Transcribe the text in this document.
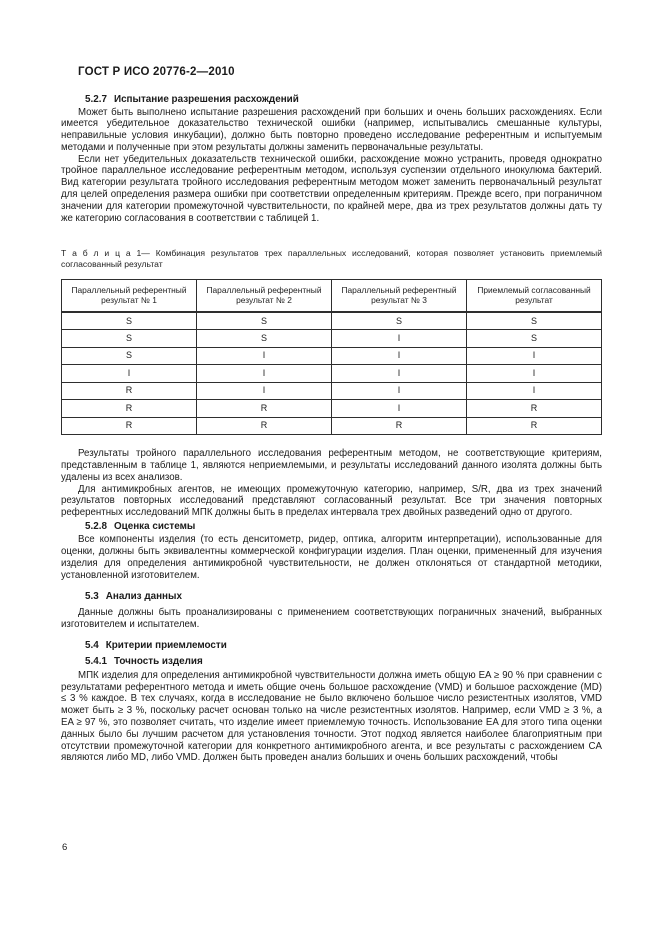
ГОСТ Р ИСО 20776-2—2010

5.2.7 Испытание разрешения расхождений

Может быть выполнено испытание разрешения расхождений при больших и очень больших расхождениях. Если имеется убедительное доказательство технической ошибки (например, испытывались смешанные культуры, неправильные условия инкубации), должно быть повторно проведено исследование референтным и испытуемым методами и полученные при этом результаты должны заменить первоначальные результаты.

Если нет убедительных доказательств технической ошибки, расхождение можно устранить, проведя однократно тройное параллельное исследование референтным методом, используя суспензии отдельного инокулюма бактерий. Вид категории результата тройного исследования референтным методом может заменить первоначальный результат для целей определения размера ошибки при соответствии определенным критериям. Прежде всего, при пограничном значении для категории промежуточной чувствительности, по крайней мере, два из трех результатов должны дать ту же категорию согласования в соответствии с таблицей 1.

Т а б л и ц а 1— Комбинация результатов трех параллельных исследований, которая позволяет установить приемлемый согласованный результат

Параллельный референтный результат № 1	Параллельный референтный результат № 2	Параллельный референтный результат № 3	Приемлемый согласованный результат
S	S	S	S
S	S	I	S
S	I	I	I
I	I	I	I
R	I	I	I
R	R	I	R
R	R	R	R

Результаты тройного параллельного исследования референтным методом, не соответствующие критериям, представленным в таблице 1, являются неприемлемыми, и результаты исследований данного изолята должны быть удалены из всех анализов.

Для антимикробных агентов, не имеющих промежуточную категорию, например, S/R, два из трех значений результатов повторных исследований представляют согласованный результат. Все три значения повторных референтных исследований МПК должны быть в пределах интервала трех двойных разведений одно от другого.

5.2.8 Оценка системы

Все компоненты изделия (то есть денситометр, ридер, оптика, алгоритм интерпретации), использованные для оценки, должны быть эквивалентны коммерческой конфигурации изделия. План оценки, примененный для изучения изделия для определения антимикробной чувствительности, не должен отклоняться от стандартной методики, установленной изготовителем.

5.3 Анализ данных

Данные должны быть проанализированы с применением соответствующих пограничных значений, выбранных изготовителем и испытателем.

5.4 Критерии приемлемости

5.4.1 Точность изделия

МПК изделия для определения антимикробной чувствительности должна иметь общую EA ≥ 90 % при сравнении с результатами референтного метода и иметь общие очень большое расхождение (VMD) и большое расхождение (MD) ≤ 3 % каждое. В тех случаях, когда в исследование не было включено большое число резистентных изолятов, VMD может быть ≥ 3 %, поскольку расчет основан только на числе резистентных изолятов. Например, если VMD ≥ 3 %, а EA ≥ 97 %, это позволяет считать, что изделие имеет приемлемую точность. Использование EA для этого типа оценки данных было бы лучшим расчетом для установления точности. Этот подход является наиболее благоприятным при отсутствии промежуточной категории для конкретного антимикробного агента, и все результаты с расхождением CA являются либо MD, либо VMD. Должен быть проведен анализ больших и очень больших расхождений, чтобы

6
